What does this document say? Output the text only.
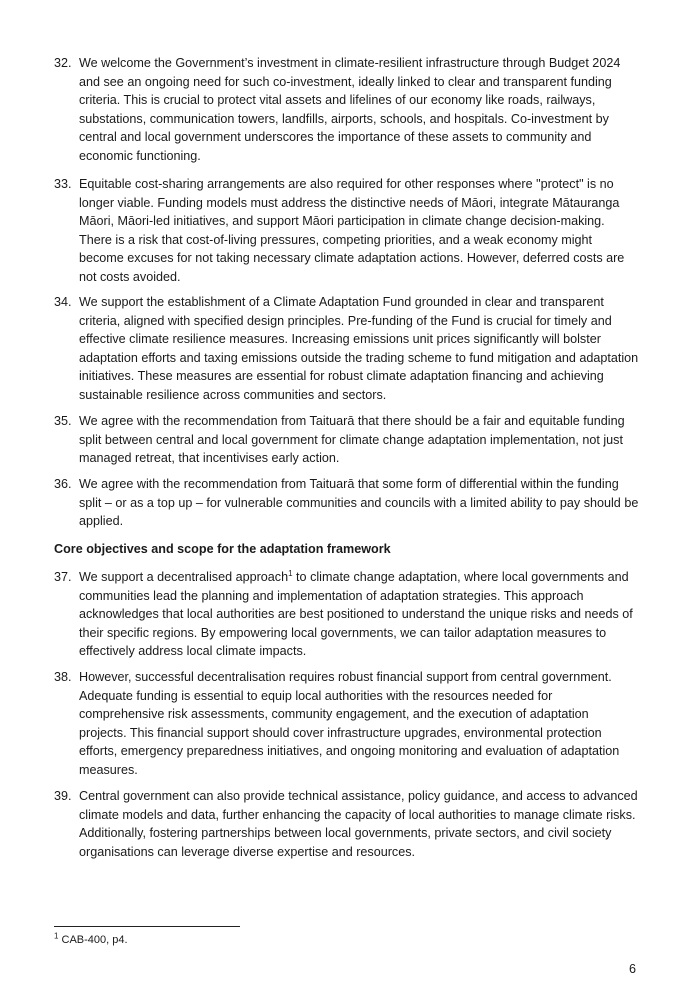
32. We welcome the Government’s investment in climate-resilient infrastructure through Budget 2024 and see an ongoing need for such co-investment, ideally linked to clear and transparent funding criteria. This is crucial to protect vital assets and lifelines of our economy like roads, railways, substations, communication towers, landfills, airports, schools, and hospitals. Co-investment by central and local government underscores the importance of these assets to community and economic functioning.
33. Equitable cost-sharing arrangements are also required for other responses where "protect" is no longer viable. Funding models must address the distinctive needs of Māori, integrate Mātauranga Māori, Māori-led initiatives, and support Māori participation in climate change decision-making. There is a risk that cost-of-living pressures, competing priorities, and a weak economy might become excuses for not taking necessary climate adaptation actions. However, deferred costs are not costs avoided.
34. We support the establishment of a Climate Adaptation Fund grounded in clear and transparent criteria, aligned with specified design principles. Pre-funding of the Fund is crucial for timely and effective climate resilience measures. Increasing emissions unit prices significantly will bolster adaptation efforts and taxing emissions outside the trading scheme to fund mitigation and adaptation initiatives. These measures are essential for robust climate adaptation financing and achieving sustainable resilience across communities and sectors.
35. We agree with the recommendation from Taituarā that there should be a fair and equitable funding split between central and local government for climate change adaptation implementation, not just managed retreat, that incentivises early action.
36. We agree with the recommendation from Taituarā that some form of differential within the funding split – or as a top up – for vulnerable communities and councils with a limited ability to pay should be applied.
Core objectives and scope for the adaptation framework
37. We support a decentralised approach$^1$ to climate change adaptation, where local governments and communities lead the planning and implementation of adaptation strategies. This approach acknowledges that local authorities are best positioned to understand the unique risks and needs of their specific regions. By empowering local governments, we can tailor adaptation measures to effectively address local climate impacts.
38. However, successful decentralisation requires robust financial support from central government. Adequate funding is essential to equip local authorities with the resources needed for comprehensive risk assessments, community engagement, and the execution of adaptation projects. This financial support should cover infrastructure upgrades, environmental protection efforts, emergency preparedness initiatives, and ongoing monitoring and evaluation of adaptation measures.
39. Central government can also provide technical assistance, policy guidance, and access to advanced climate models and data, further enhancing the capacity of local authorities to manage climate risks. Additionally, fostering partnerships between local governments, private sectors, and civil society organisations can leverage diverse expertise and resources.
$^1$ CAB-400, p4.
6
